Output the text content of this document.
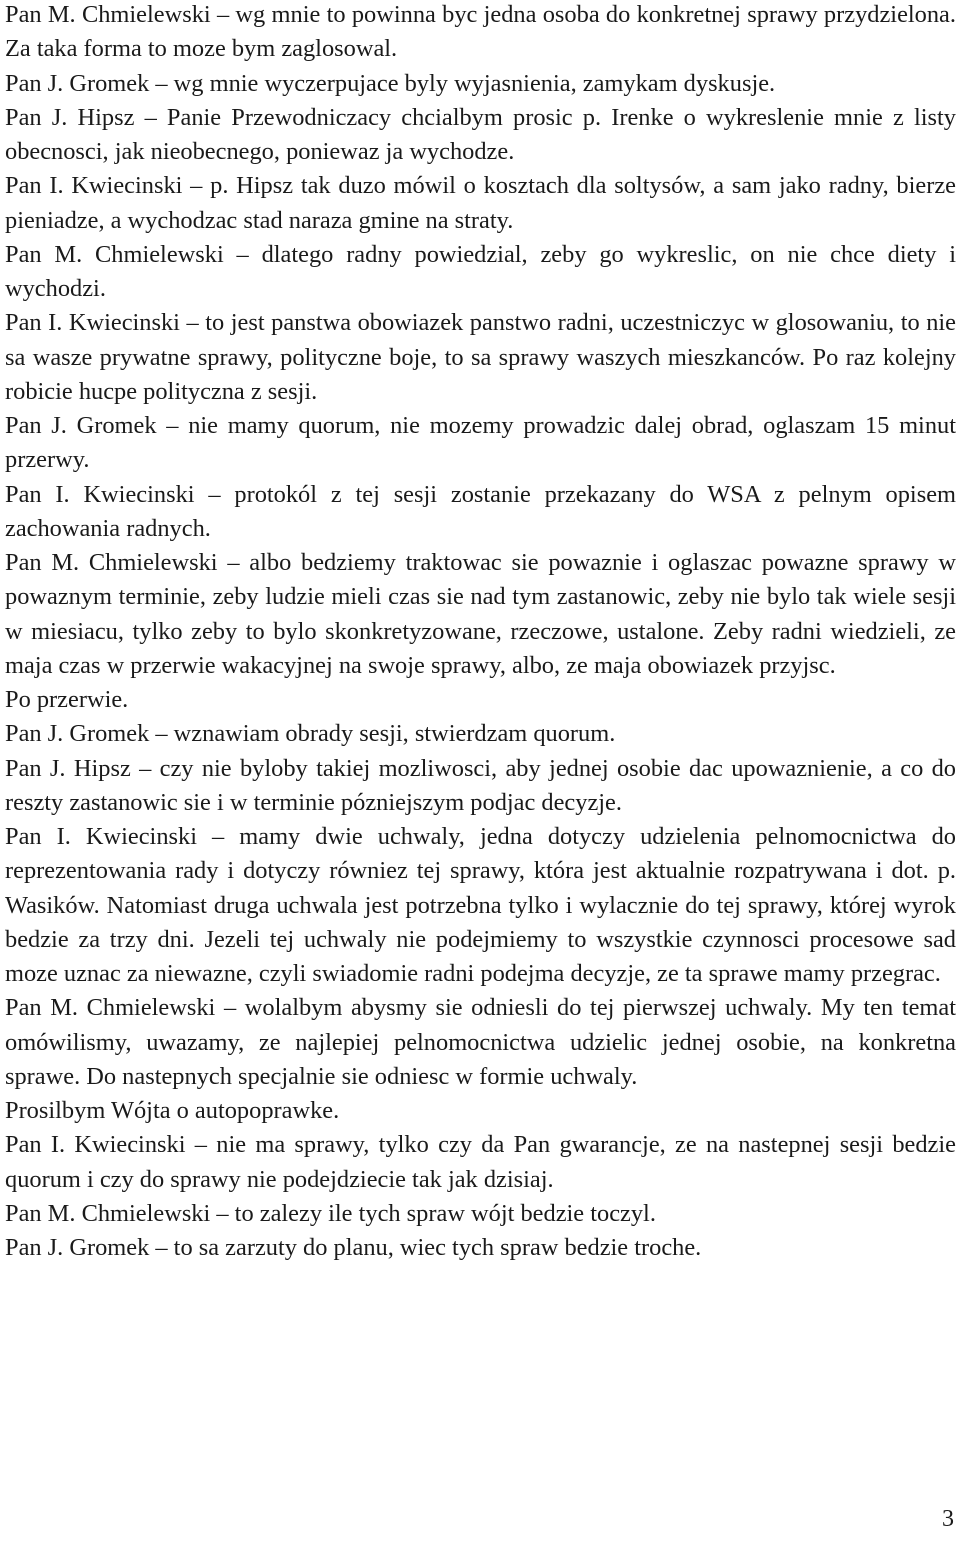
Pan M. Chmielewski – wg mnie to powinna byc jedna osoba do konkretnej sprawy przydzielona. Za taka forma to moze bym zaglosowal.

Pan J. Gromek – wg mnie wyczerpujace byly wyjasnienia, zamykam dyskusje.

Pan J. Hipsz – Panie Przewodniczacy chcialbym prosic p. Irenke o wykreslenie mnie z listy obecnosci, jak nieobecnego, poniewaz ja wychodze.

Pan I. Kwiecinski – p. Hipsz tak duzo mówil o kosztach dla soltysów, a sam jako radny, bierze pieniadze, a wychodzac stad naraza gmine na straty.

Pan M. Chmielewski – dlatego radny powiedzial, zeby go wykreslic, on nie chce diety i wychodzi.

Pan I. Kwiecinski – to jest panstwa obowiazek panstwo radni, uczestniczyc w glosowaniu, to nie sa wasze prywatne sprawy, polityczne boje, to sa sprawy waszych mieszkanców. Po raz kolejny robicie hucpe polityczna z sesji.

Pan J. Gromek – nie mamy quorum, nie mozemy prowadzic dalej obrad, oglaszam 15 minut przerwy.

Pan I. Kwiecinski – protokól z tej sesji zostanie przekazany do WSA z pelnym opisem zachowania radnych.

Pan M. Chmielewski – albo bedziemy traktowac sie powaznie i oglaszac powazne sprawy w powaznym terminie, zeby ludzie mieli czas sie nad tym zastanowic, zeby nie bylo tak wiele sesji w miesiacu, tylko zeby to bylo skonkretyzowane, rzeczowe, ustalone. Zeby radni wiedzieli, ze maja czas w przerwie wakacyjnej na swoje sprawy, albo, ze maja obowiazek przyjsc.

Po przerwie.

Pan J. Gromek – wznawiam obrady sesji, stwierdzam quorum.

Pan J. Hipsz – czy nie byloby takiej mozliwosci, aby jednej osobie dac upowaznienie, a co do reszty zastanowic sie i w terminie pózniejszym podjac decyzje.

Pan I. Kwiecinski – mamy dwie uchwaly, jedna dotyczy udzielenia pelnomocnictwa do reprezentowania rady i dotyczy równiez tej sprawy, która jest aktualnie rozpatrywana i dot. p. Wasików. Natomiast druga uchwala jest potrzebna tylko i wylacznie do tej sprawy, której wyrok bedzie za trzy dni. Jezeli tej uchwaly nie podejmiemy to wszystkie czynnosci procesowe sad moze uznac za niewazne, czyli swiadomie radni podejma decyzje, ze ta sprawe mamy przegrac.

Pan M. Chmielewski – wolalbym abysmy sie odniesli do tej pierwszej uchwaly. My ten temat omówilismy, uwazamy, ze najlepiej pelnomocnictwa udzielic jednej osobie, na konkretna sprawe. Do nastepnych specjalnie sie odniesc w formie uchwaly.

Prosilbym Wójta o autopoprawke.

Pan I. Kwiecinski – nie ma sprawy, tylko czy da Pan gwarancje, ze na nastepnej sesji bedzie quorum i czy do sprawy nie podejdziecie tak jak dzisiaj.

Pan M. Chmielewski – to zalezy ile tych spraw wójt bedzie toczyl.

Pan J. Gromek – to sa zarzuty do planu, wiec tych spraw bedzie troche.

3
